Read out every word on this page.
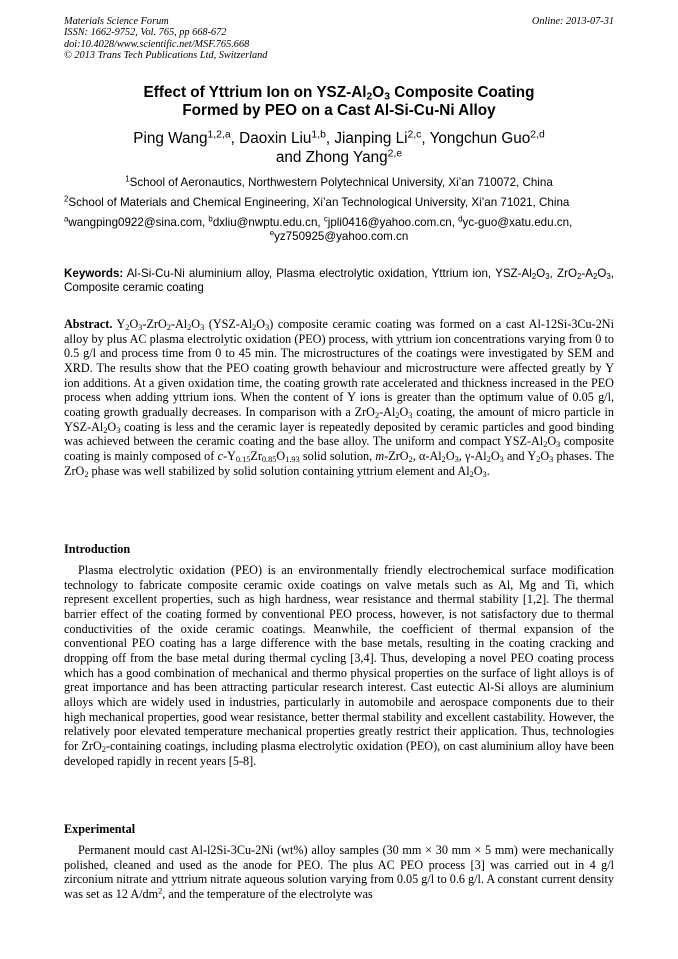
Materials Science Forum
ISSN: 1662-9752, Vol. 765, pp 668-672
doi:10.4028/www.scientific.net/MSF.765.668
© 2013 Trans Tech Publications Ltd, Switzerland
Online: 2013-07-31
Effect of Yttrium Ion on YSZ-$Al_2O_3$ Composite Coating
Formed by PEO on a Cast Al-Si-Cu-Ni Alloy
Ping Wang$^{1,2,a}$, Daoxin Liu$^{1,b}$, Jianping Li$^{2,c}$, Yongchun Guo$^{2,d}$
and Zhong Yang$^{2,e}$
$^1$School of Aeronautics, Northwestern Polytechnical University, Xi’an 710072, China
$^2$School of Materials and Chemical Engineering, Xi’an Technological University, Xi’an 71021, China
$^a$wangping0922@sina.com, $^b$dxliu@nwptu.edu.cn, $^c$jpli0416@yahoo.com.cn, $^d$yc-guo@xatu.edu.cn,
$^e$yz750925@yahoo.com.cn
Keywords: Al-Si-Cu-Ni aluminium alloy, Plasma electrolytic oxidation, Yttrium ion, YSZ-$Al_2O_3$, $ZrO_2-A_2O_3$, Composite ceramic coating

Abstract. $Y_2O_3-ZrO_2-Al_2O_3$ $(YSZ-Al_2O_3)$ composite ceramic coating was formed on a cast Al-12Si-3Cu-2Ni alloy by plus AC plasma electrolytic oxidation (PEO) process, with yttrium ion concentrations varying from 0 to 0.5 g/l and process time from 0 to 45 min. The microstructures of the coatings were investigated by SEM and XRD. The results show that the PEO coating growth behaviour and microstructure were affected greatly by Y ion additions. At a given oxidation time, the coating growth rate accelerated and thickness increased in the PEO process when adding yttrium ions. When the content of Y ions is greater than the optimum value of 0.05 g/l, coating growth gradually decreases. In comparison with a $ZrO_2-Al_2O_3$ coating, the amount of micro particle in YSZ-$Al_2O_3$ coating is less and the ceramic layer is repeatedly deposited by ceramic particles and good binding was achieved between the ceramic coating and the base alloy. The uniform and compact YSZ-$Al_2O_3$ composite coating is mainly composed of $c-Y_{0.15}Zr_{0.85}O_{1.93}$ solid solution, m-ZrO$_2$, $\alpha-Al_2O_3$, $\gamma-Al_2O_3$ and $Y_2O_3$ phases. The ZrO$_2$ phase was well stabilized by solid solution containing yttrium element and $Al_2O_3$.

Introduction

Plasma electrolytic oxidation (PEO) is an environmentally friendly electrochemical surface modification technology to fabricate composite ceramic oxide coatings on valve metals such as Al, Mg and Ti, which represent excellent properties, such as high hardness, wear resistance and thermal stability [1,2]. The thermal barrier effect of the coating formed by conventional PEO process, however, is not satisfactory due to thermal conductivities of the oxide ceramic coatings. Meanwhile, the coefficient of thermal expansion of the conventional PEO coating has a large difference with the base metals, resulting in the coating cracking and dropping off from the base metal during thermal cycling [3,4]. Thus, developing a novel PEO coating process which has a good combination of mechanical and thermo physical properties on the surface of light alloys is of great importance and has been attracting particular research interest. Cast eutectic Al-Si alloys are aluminium alloys which are widely used in industries, particularly in automobile and aerospace components due to their high mechanical properties, good wear resistance, better thermal stability and excellent castability. However, the relatively poor elevated temperature mechanical properties greatly restrict their application. Thus, technologies for ZrO$_2$-containing coatings, including plasma electrolytic oxidation (PEO), on cast aluminium alloy have been developed rapidly in recent years [5-8].

Experimental

Permanent mould cast Al-l2Si-3Cu-2Ni (wt%) alloy samples (30 mm × 30 mm × 5 mm) were mechanically polished, cleaned and used as the anode for PEO. The plus AC PEO process [3] was carried out in 4 g/l zirconium nitrate and yttrium nitrate aqueous solution varying from 0.05 g/l to 0.6 g/l. A constant current density was set as 12 $A/dm^2$, and the temperature of the electrolyte was
